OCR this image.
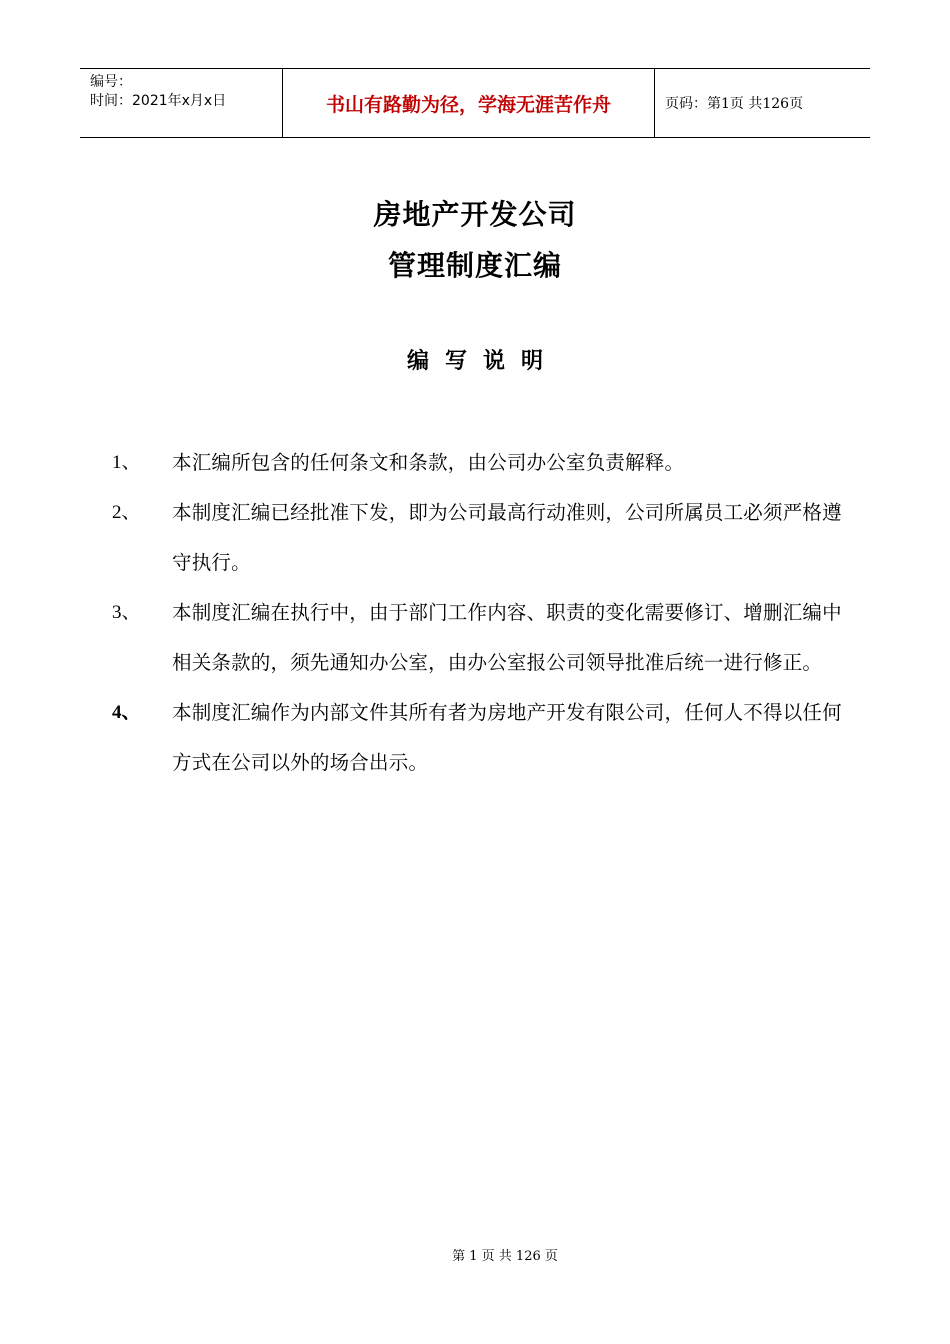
编号：
时间：2021年x月x日	书山有路勤为径，学海无涯苦作舟	页码：第1页 共126页
房地产开发公司
管理制度汇编
编写说明
1、 本汇编所包含的任何条文和条款，由公司办公室负责解释。
2、 本制度汇编已经批准下发，即为公司最高行动准则，公司所属员工必须严格遵守执行。
3、 本制度汇编在执行中，由于部门工作内容、职责的变化需要修订、增删汇编中相关条款的，须先通知办公室，由办公室报公司领导批准后统一进行修正。
4、 本制度汇编作为内部文件其所有者为房地产开发有限公司，任何人不得以任何方式在公司以外的场合出示。
第 1 页 共 126 页
